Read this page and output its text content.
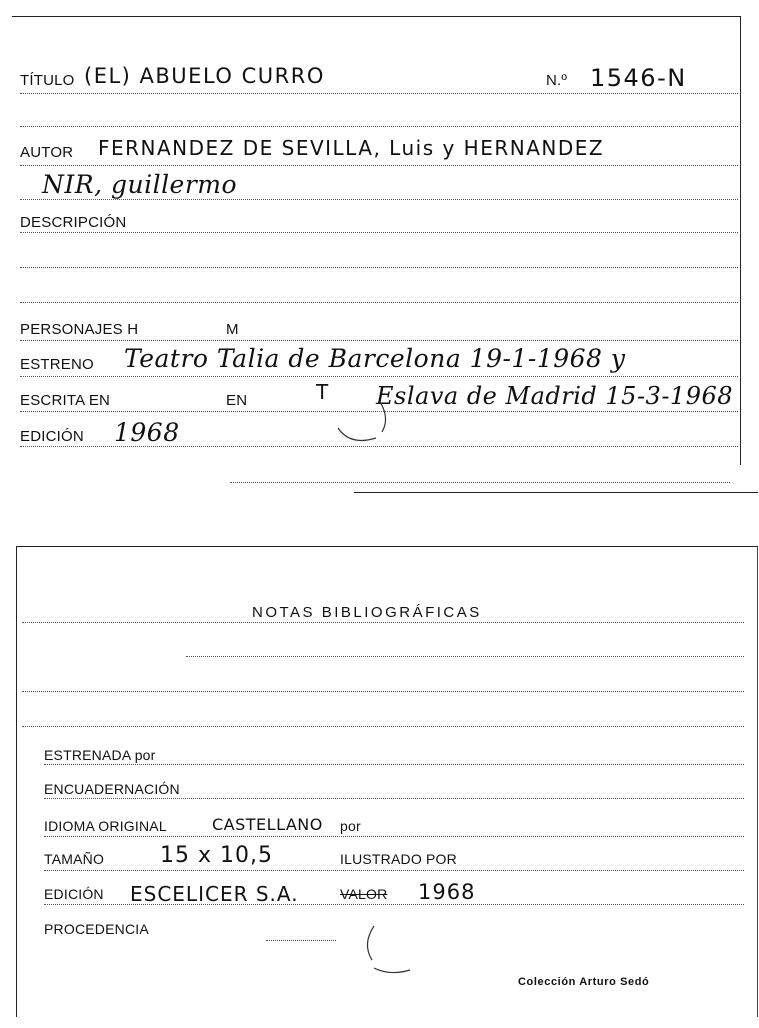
TÍTULO (EL) ABUELO CURRO	N.º 1546-N
AUTOR FERNANDEZ DE SEVILLA, Luis y HERNANDEZ
NIR, guillermo
DESCRIPCIÓN
PERSONAJES H	M
ESTRENO Teatro Talia de Barcelona 19-1-1968 y
ESCRITA EN	EN	T Eslava de Madrid 15-3-1968
EDICIÓN 1968
NOTAS BIBLIOGRÁFICAS
ESTRENADA por
ENCUADERNACIÓN
IDIOMA ORIGINAL	CASTELLANO por
TAMAÑO	15 x 10,5	ILUSTRADO POR
EDICIÓN ESCELICER S.A.	VALOR 1968
PROCEDENCIA
Colección Arturo Sedó
